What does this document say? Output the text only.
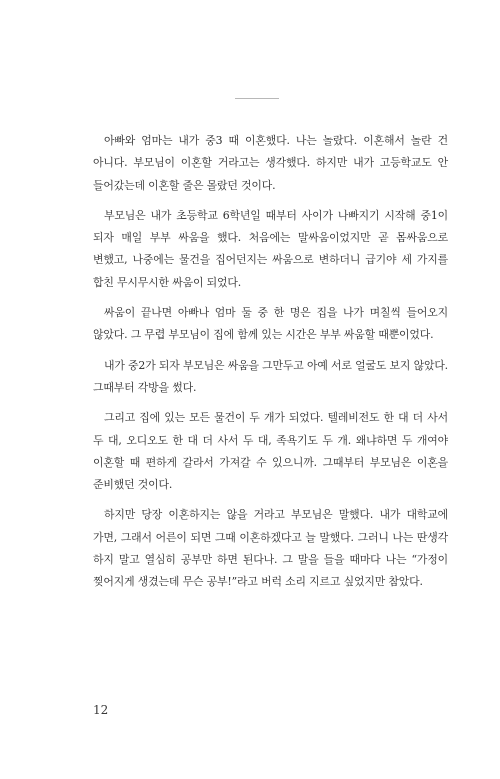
아빠와 엄마는 내가 중3 때 이혼했다. 나는 놀랐다. 이혼해서 놀란 건 아니다. 부모님이 이혼할 거라고는 생각했다. 하지만 내가 고등학교도 안 들어갔는데 이혼할 줄은 몰랐던 것이다.

부모님은 내가 초등학교 6학년일 때부터 사이가 나빠지기 시작해 중1이 되자 매일 부부 싸움을 했다. 처음에는 말싸움이었지만 곧 몸싸움으로 변했고, 나중에는 물건을 집어던지는 싸움으로 변하더니 급기야 세 가지를 합친 무시무시한 싸움이 되었다.

싸움이 끝나면 아빠나 엄마 둘 중 한 명은 집을 나가 며칠씩 들어오지 않았다. 그 무렵 부모님이 집에 함께 있는 시간은 부부 싸움할 때뿐이었다.

내가 중2가 되자 부모님은 싸움을 그만두고 아예 서로 얼굴도 보지 않았다. 그때부터 각방을 썼다.

그리고 집에 있는 모든 물건이 두 개가 되었다. 텔레비전도 한 대 더 사서 두 대, 오디오도 한 대 더 사서 두 대, 족욕기도 두 개. 왜냐하면 두 개여야 이혼할 때 편하게 갈라서 가져갈 수 있으니까. 그때부터 부모님은 이혼을 준비했던 것이다.

하지만 당장 이혼하지는 않을 거라고 부모님은 말했다. 내가 대학교에 가면, 그래서 어른이 되면 그때 이혼하겠다고 늘 말했다. 그러니 나는 딴생각 하지 말고 열심히 공부만 하면 된다나. 그 말을 들을 때마다 나는 “가정이 찢어지게 생겼는데 무슨 공부!”라고 버럭 소리 지르고 싶었지만 참았다.

12
